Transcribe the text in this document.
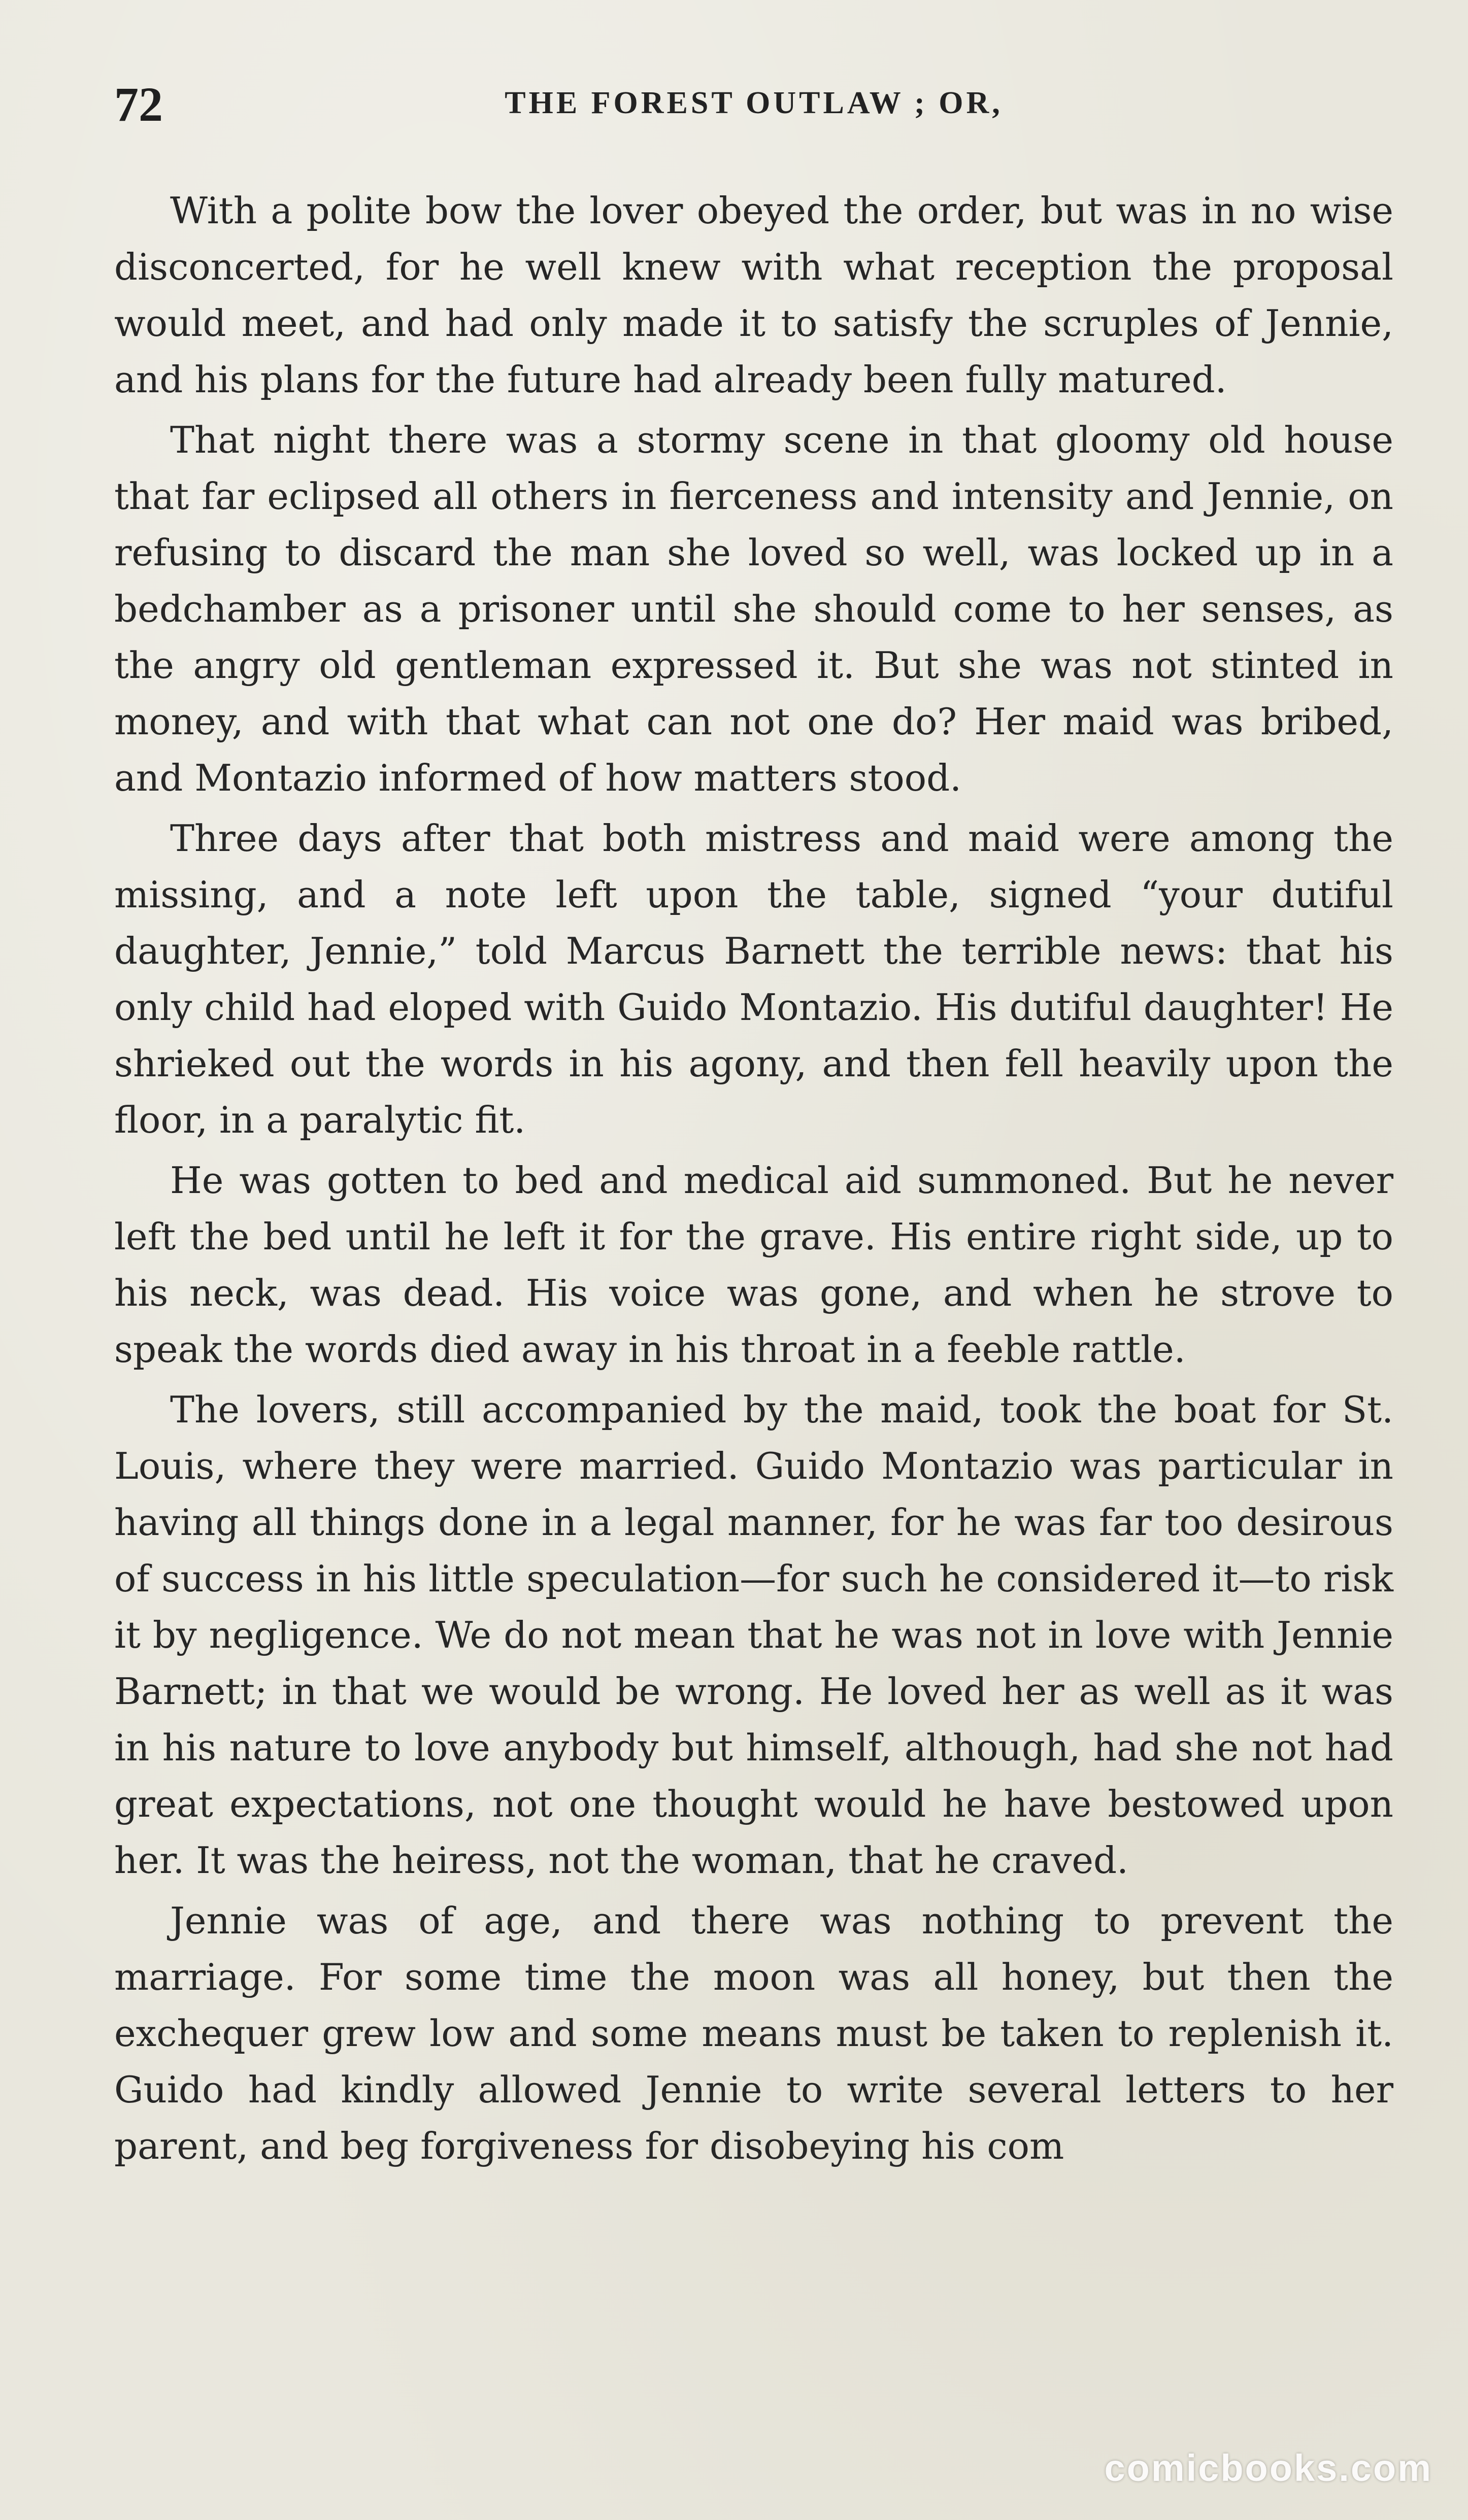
72	THE FOREST OUTLAW ; OR,

With a polite bow the lover obeyed the order, but was in no wise disconcerted, for he well knew with what reception the proposal would meet, and had only made it to satisfy the scruples of Jennie, and his plans for the future had already been fully matured.

That night there was a stormy scene in that gloomy old house that far eclipsed all others in fierceness and intensity and Jennie, on refusing to discard the man she loved so well, was locked up in a bedchamber as a prisoner until she should come to her senses, as the angry old gentleman expressed it. But she was not stinted in money, and with that what can not one do? Her maid was bribed, and Montazio informed of how matters stood.

Three days after that both mistress and maid were among the missing, and a note left upon the table, signed “your dutiful daughter, Jennie,” told Marcus Barnett the terrible news: that his only child had eloped with Guido Montazio. His dutiful daughter! He shrieked out the words in his agony, and then fell heavily upon the floor, in a paralytic fit.

He was gotten to bed and medical aid summoned. But he never left the bed until he left it for the grave. His entire right side, up to his neck, was dead. His voice was gone, and when he strove to speak the words died away in his throat in a feeble rattle.

The lovers, still accompanied by the maid, took the boat for St. Louis, where they were married. Guido Montazio was particular in having all things done in a legal manner, for he was far too desirous of success in his little speculation—for such he considered it—to risk it by negligence. We do not mean that he was not in love with Jennie Barnett; in that we would be wrong. He loved her as well as it was in his nature to love anybody but himself, although, had she not had great expectations, not one thought would he have bestowed upon her. It was the heiress, not the woman, that he craved.

Jennie was of age, and there was nothing to prevent the marriage. For some time the moon was all honey, but then the exchequer grew low and some means must be taken to replenish it. Guido had kindly allowed Jennie to write several letters to her parent, and beg forgiveness for disobeying his com

comicbooks.com
